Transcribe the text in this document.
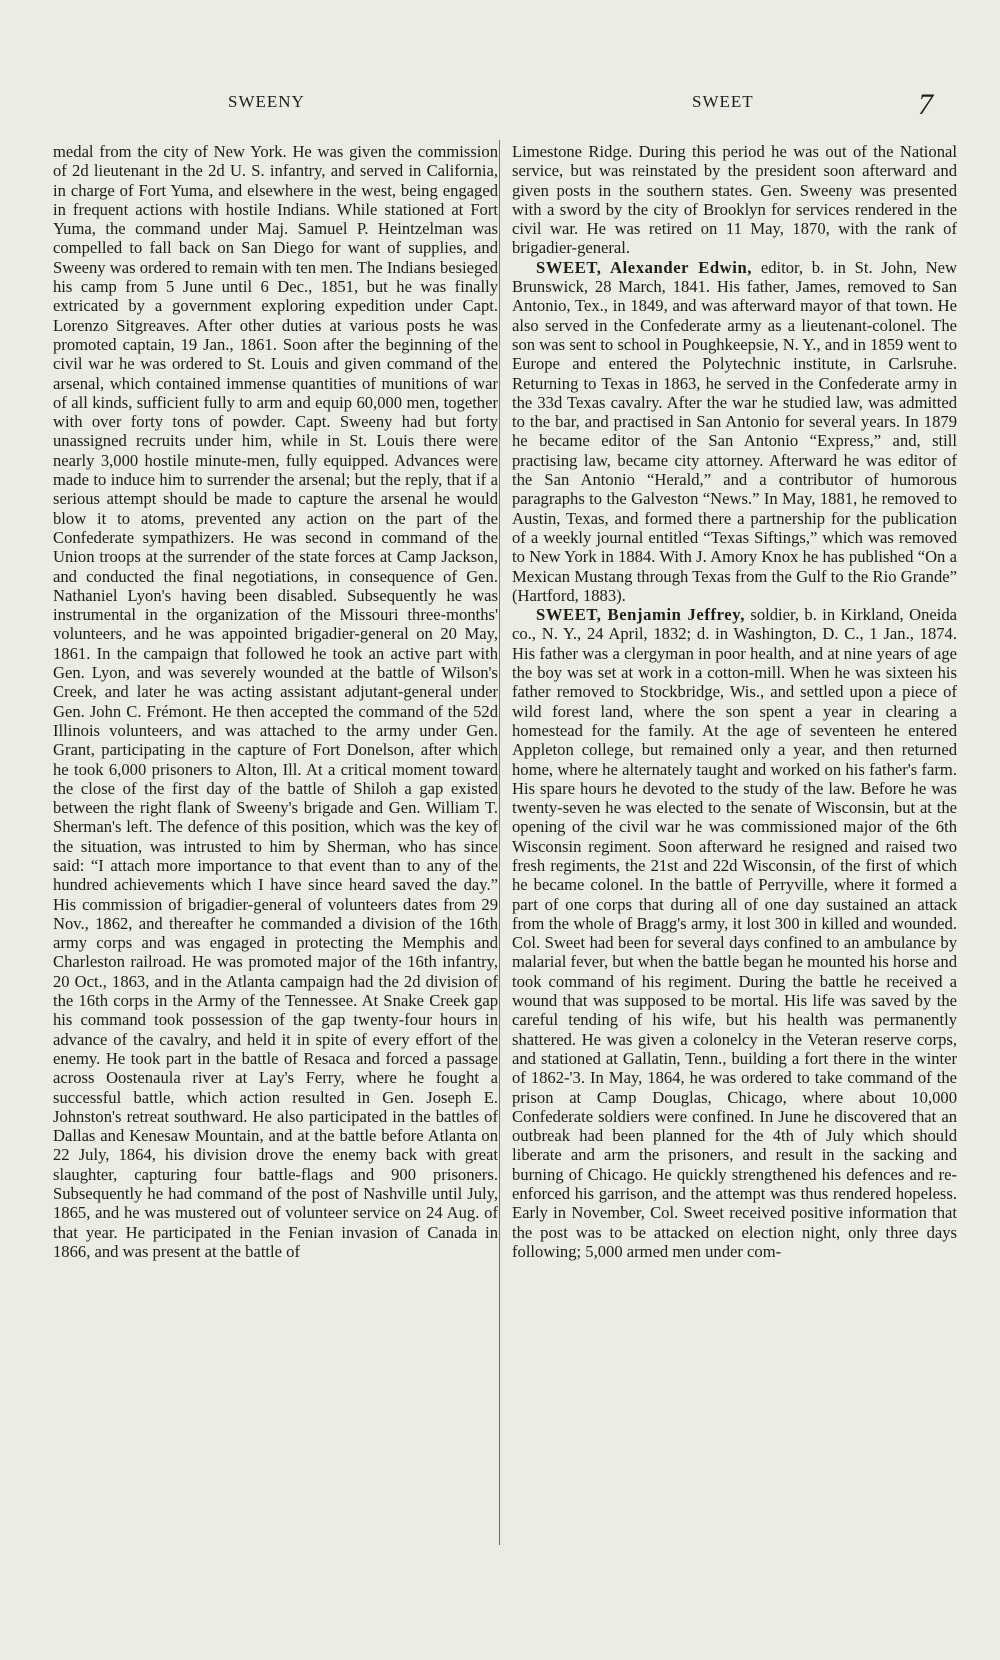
SWEENY	SWEET	7

medal from the city of New York. He was given the commission of 2d lieutenant in the 2d U. S. infantry, and served in California, in charge of Fort Yuma, and elsewhere in the west, being engaged in frequent actions with hostile Indians. While stationed at Fort Yuma, the command under Maj. Samuel P. Heintzelman was compelled to fall back on San Diego for want of supplies, and Sweeny was ordered to remain with ten men. The Indians besieged his camp from 5 June until 6 Dec., 1851, but he was finally extricated by a government exploring expedition under Capt. Lorenzo Sitgreaves. After other duties at various posts he was promoted captain, 19 Jan., 1861. Soon after the beginning of the civil war he was ordered to St. Louis and given command of the arsenal, which contained immense quantities of munitions of war of all kinds, sufficient fully to arm and equip 60,000 men, together with over forty tons of powder. Capt. Sweeny had but forty unassigned recruits under him, while in St. Louis there were nearly 3,000 hostile minute-men, fully equipped. Advances were made to induce him to surrender the arsenal; but the reply, that if a serious attempt should be made to capture the arsenal he would blow it to atoms, prevented any action on the part of the Confederate sympathizers. He was second in command of the Union troops at the surrender of the state forces at Camp Jackson, and conducted the final negotiations, in consequence of Gen. Nathaniel Lyon's having been disabled. Subsequently he was instrumental in the organization of the Missouri three-months' volunteers, and he was appointed brigadier-general on 20 May, 1861. In the campaign that followed he took an active part with Gen. Lyon, and was severely wounded at the battle of Wilson's Creek, and later he was acting assistant adjutant-general under Gen. John C. Frémont. He then accepted the command of the 52d Illinois volunteers, and was attached to the army under Gen. Grant, participating in the capture of Fort Donelson, after which he took 6,000 prisoners to Alton, Ill. At a critical moment toward the close of the first day of the battle of Shiloh a gap existed between the right flank of Sweeny's brigade and Gen. William T. Sherman's left. The defence of this position, which was the key of the situation, was intrusted to him by Sherman, who has since said: “I attach more importance to that event than to any of the hundred achievements which I have since heard saved the day.” His commission of brigadier-general of volunteers dates from 29 Nov., 1862, and thereafter he commanded a division of the 16th army corps and was engaged in protecting the Memphis and Charleston railroad. He was promoted major of the 16th infantry, 20 Oct., 1863, and in the Atlanta campaign had the 2d division of the 16th corps in the Army of the Tennessee. At Snake Creek gap his command took possession of the gap twenty-four hours in advance of the cavalry, and held it in spite of every effort of the enemy. He took part in the battle of Resaca and forced a passage across Oostenaula river at Lay's Ferry, where he fought a successful battle, which action resulted in Gen. Joseph E. Johnston's retreat southward. He also participated in the battles of Dallas and Kenesaw Mountain, and at the battle before Atlanta on 22 July, 1864, his division drove the enemy back with great slaughter, capturing four battle-flags and 900 prisoners. Subsequently he had command of the post of Nashville until July, 1865, and he was mustered out of volunteer service on 24 Aug. of that year. He participated in the Fenian invasion of Canada in 1866, and was present at the battle of

Limestone Ridge. During this period he was out of the National service, but was reinstated by the president soon afterward and given posts in the southern states. Gen. Sweeny was presented with a sword by the city of Brooklyn for services rendered in the civil war. He was retired on 11 May, 1870, with the rank of brigadier-general.

SWEET, Alexander Edwin, editor, b. in St. John, New Brunswick, 28 March, 1841. His father, James, removed to San Antonio, Tex., in 1849, and was afterward mayor of that town. He also served in the Confederate army as a lieutenant-colonel. The son was sent to school in Poughkeepsie, N. Y., and in 1859 went to Europe and entered the Polytechnic institute, in Carlsruhe. Returning to Texas in 1863, he served in the Confederate army in the 33d Texas cavalry. After the war he studied law, was admitted to the bar, and practised in San Antonio for several years. In 1879 he became editor of the San Antonio “Express,” and, still practising law, became city attorney. Afterward he was editor of the San Antonio “Herald,” and a contributor of humorous paragraphs to the Galveston “News.” In May, 1881, he removed to Austin, Texas, and formed there a partnership for the publication of a weekly journal entitled “Texas Siftings,” which was removed to New York in 1884. With J. Amory Knox he has published “On a Mexican Mustang through Texas from the Gulf to the Rio Grande” (Hartford, 1883).

SWEET, Benjamin Jeffrey, soldier, b. in Kirkland, Oneida co., N. Y., 24 April, 1832; d. in Washington, D. C., 1 Jan., 1874. His father was a clergyman in poor health, and at nine years of age the boy was set at work in a cotton-mill. When he was sixteen his father removed to Stockbridge, Wis., and settled upon a piece of wild forest land, where the son spent a year in clearing a homestead for the family. At the age of seventeen he entered Appleton college, but remained only a year, and then returned home, where he alternately taught and worked on his father's farm. His spare hours he devoted to the study of the law. Before he was twenty-seven he was elected to the senate of Wisconsin, but at the opening of the civil war he was commissioned major of the 6th Wisconsin regiment. Soon afterward he resigned and raised two fresh regiments, the 21st and 22d Wisconsin, of the first of which he became colonel. In the battle of Perryville, where it formed a part of one corps that during all of one day sustained an attack from the whole of Bragg's army, it lost 300 in killed and wounded. Col. Sweet had been for several days confined to an ambulance by malarial fever, but when the battle began he mounted his horse and took command of his regiment. During the battle he received a wound that was supposed to be mortal. His life was saved by the careful tending of his wife, but his health was permanently shattered. He was given a colonelcy in the Veteran reserve corps, and stationed at Gallatin, Tenn., building a fort there in the winter of 1862-'3. In May, 1864, he was ordered to take command of the prison at Camp Douglas, Chicago, where about 10,000 Confederate soldiers were confined. In June he discovered that an outbreak had been planned for the 4th of July which should liberate and arm the prisoners, and result in the sacking and burning of Chicago. He quickly strengthened his defences and re-enforced his garrison, and the attempt was thus rendered hopeless. Early in November, Col. Sweet received positive information that the post was to be attacked on election night, only three days following; 5,000 armed men under com-
